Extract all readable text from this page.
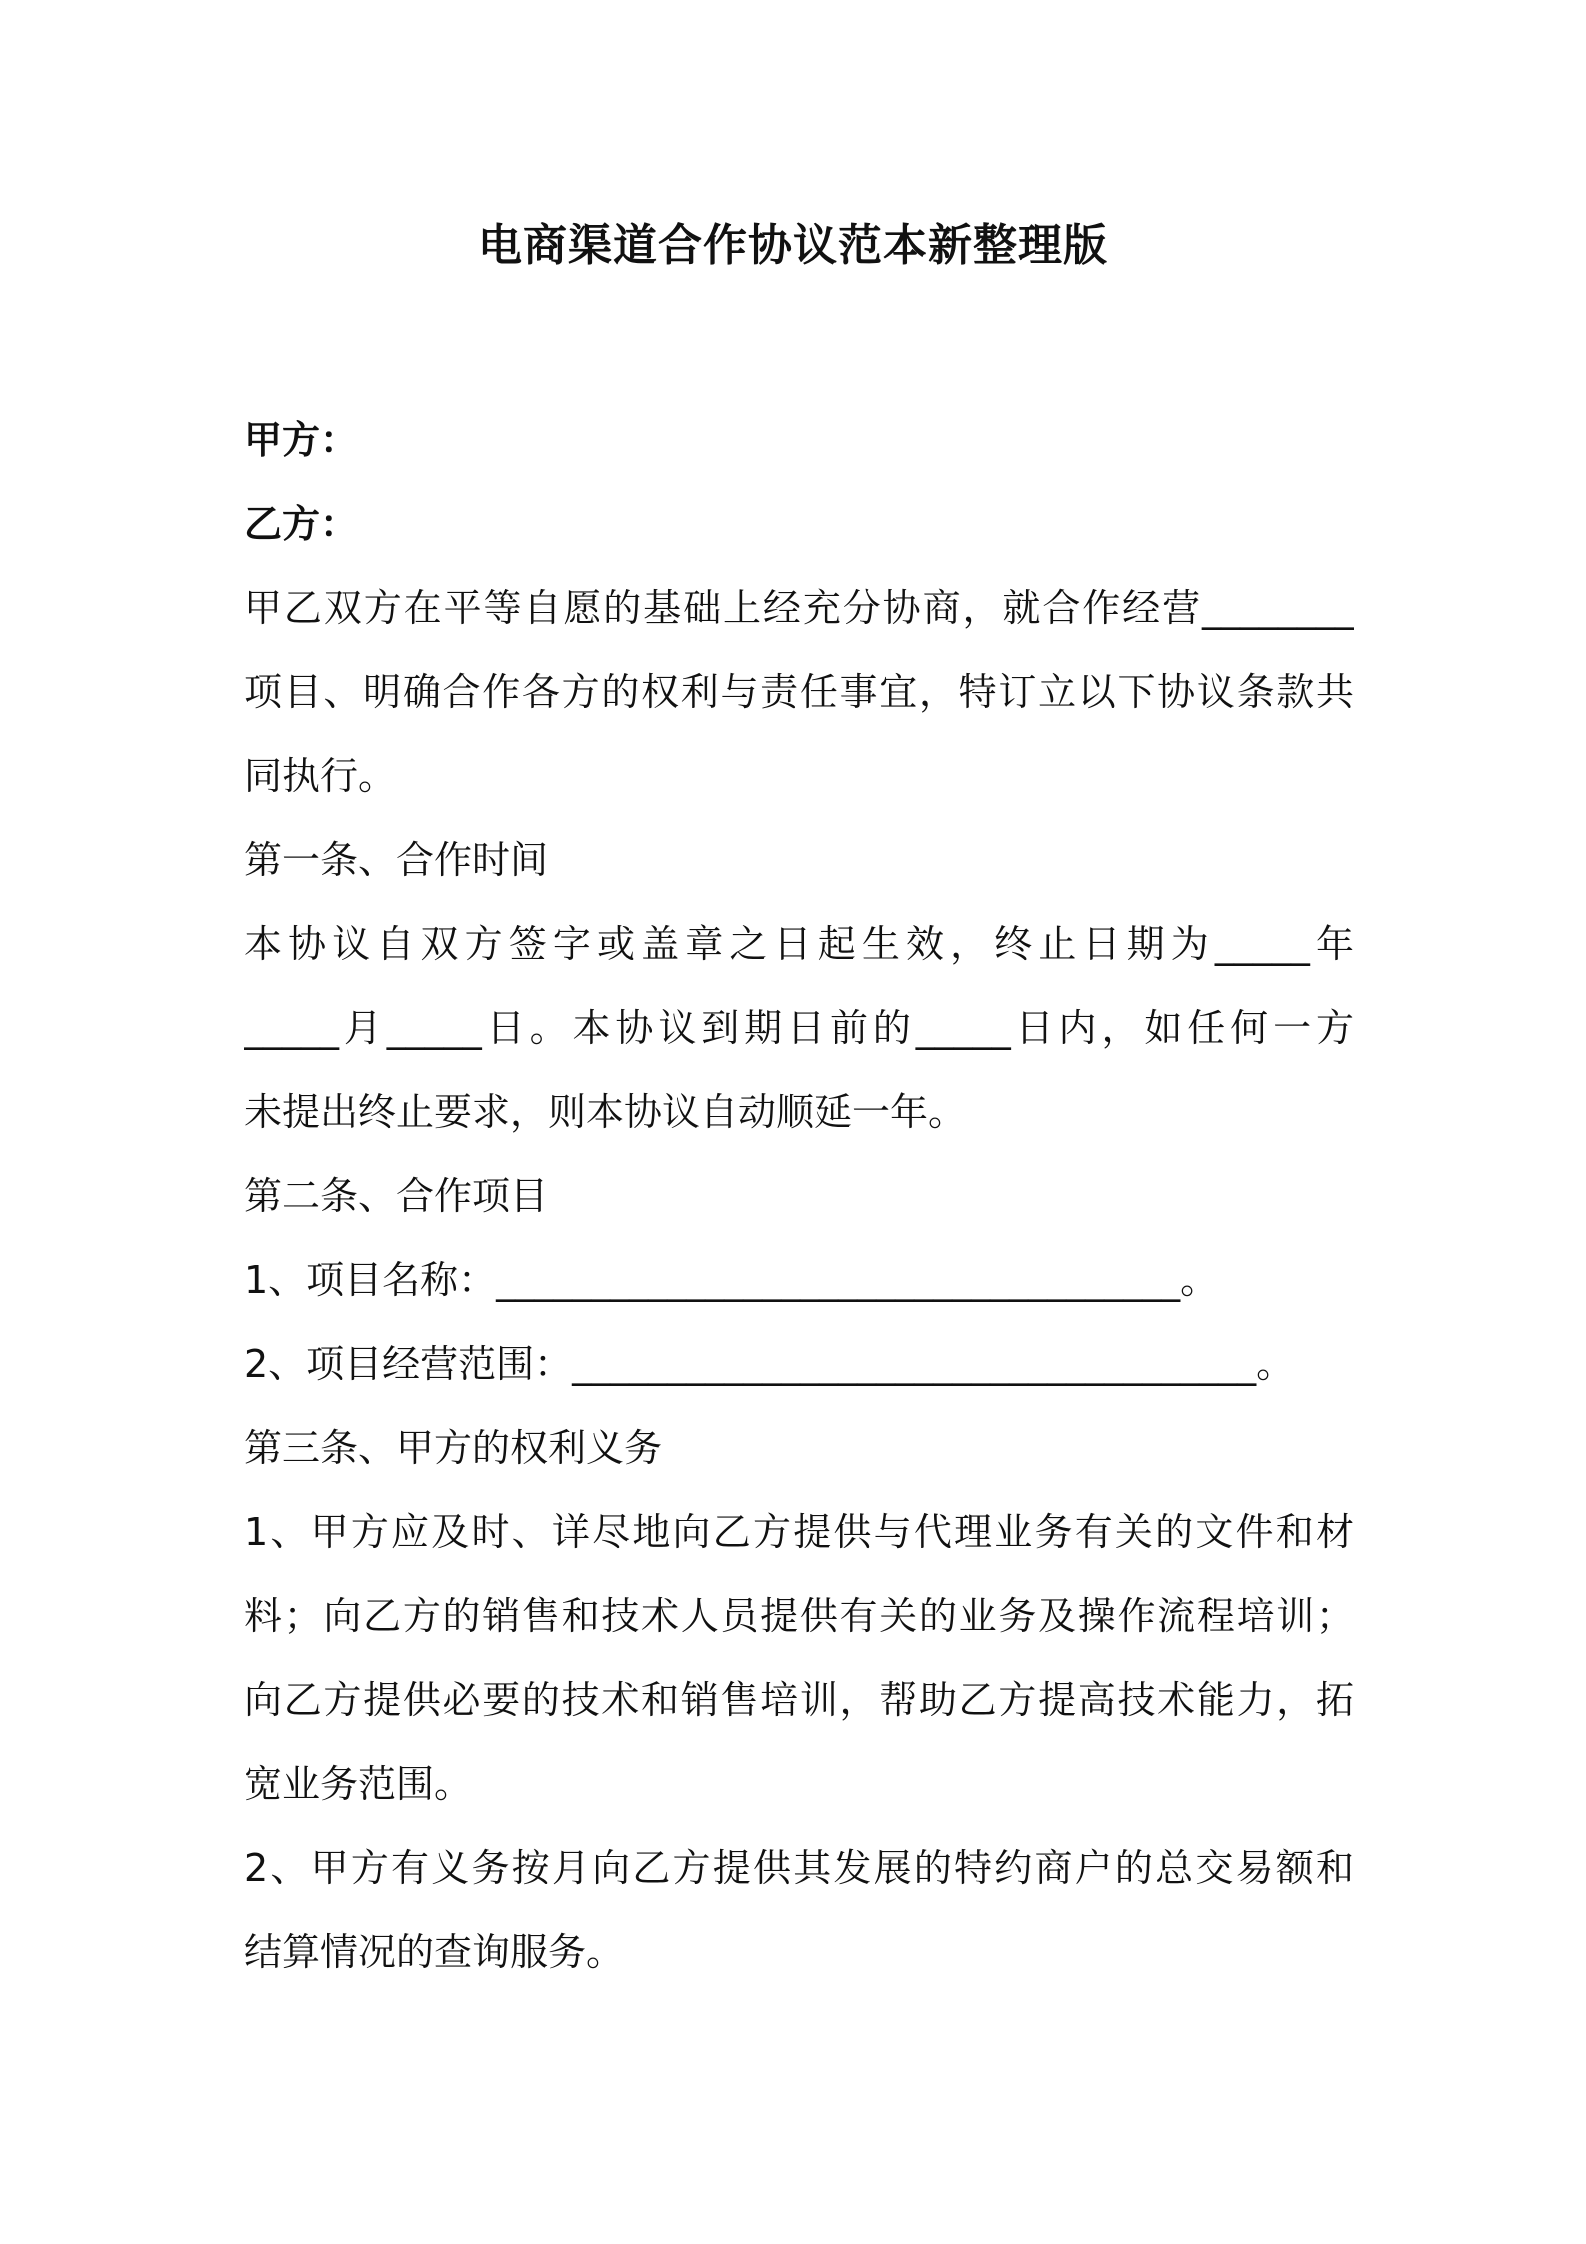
电商渠道合作协议范本新整理版
甲方：
乙方：
甲乙双方在平等自愿的基础上经充分协商，就合作经营________
项目、明确合作各方的权利与责任事宜，特订立以下协议条款共
同执行。
第一条、合作时间
本协议自双方签字或盖章之日起生效，终止日期为_____年
_____月_____日。本协议到期日前的_____日内，如任何一方
未提出终止要求，则本协议自动顺延一年。
第二条、合作项目
1、项目名称：____________________________________。
2、项目经营范围：____________________________________。
第三条、甲方的权利义务
1、甲方应及时、详尽地向乙方提供与代理业务有关的文件和材
料；向乙方的销售和技术人员提供有关的业务及操作流程培训；
向乙方提供必要的技术和销售培训，帮助乙方提高技术能力，拓
宽业务范围。
2、甲方有义务按月向乙方提供其发展的特约商户的总交易额和
结算情况的查询服务。
